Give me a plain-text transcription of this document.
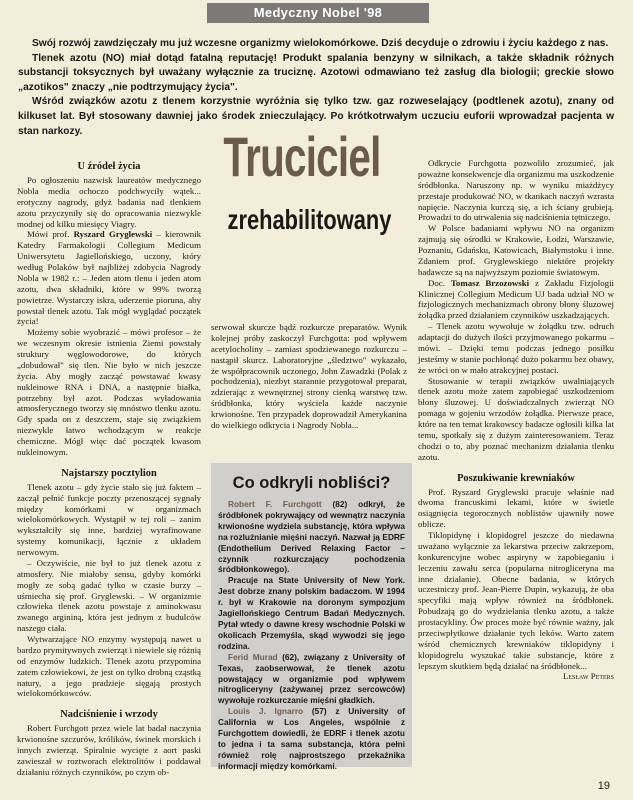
Medyczny Nobel '98

Swój rozwój zawdzięczały mu już wczesne organizmy wielokomórkowe. Dziś decyduje o zdrowiu i życiu każdego z nas.

Tlenek azotu (NO) miał dotąd fatalną reputację! Produkt spalania benzyny w silnikach, a także składnik różnych substancji toksycznych był uważany wyłącznie za truciznę. Azotowi odmawiano też zasług dla biologii; greckie słowo „azotikos" znaczy „nie podtrzymujący życia".

Wśród związków azotu z tlenem korzystnie wyróżnia się tylko tzw. gaz rozweselający (podtlenek azotu), znany od kilkuset lat. Był stosowany dawniej jako środek znieczulający. Po krótkotrwałym uczuciu euforii wprowadzał pacjenta w stan narkozy.	Truciciel
zrehabilitowany
U źródeł życia

Po ogłoszeniu nazwisk laureatów medycznego Nobla media ochoczo podchwyciły wątek... erotyczny nagrody, gdyż badania nad tlenkiem azotu przyczyniły się do opracowania niezwykle modnej od kilku miesięcy Viagry.

Mówi prof. Ryszard Gryglewski – kierownik Katedry Farmakologii Collegium Medicum Uniwersytetu Jagiellońskiego, uczony, który według Polaków był najbliżej zdobycia Nagrody Nobla w 1982 r.: – Jeden atom tlenu i jeden atom azotu, dwa składniki, które w 99% tworzą powietrze. Wystarczy iskra, uderzenie pioruna, aby powstał tlenek azotu. Tak mógł wyglądać początek życia!

Możemy sobie wyobrazić – mówi profesor – że we wczesnym okresie istnienia Ziemi powstały struktury węglowodorowe, do których „dobudował" się tlen. Nie było w nich jeszcze życia. Aby mogły zacząć powstawać kwasy nukleinowe RNA i DNA, a następnie białka, potrzebny był azot. Podczas wyładowania atmosferycznego tworzy się mnóstwo tlenku azotu. Gdy spada on z deszczem, staje się związkiem niezwykle łatwo wchodzącym w reakcje chemiczne. Mógł więc dać początek kwasom nukleinowym.

Najstarszy pocztylion

Tlenek azotu – gdy życie stało się już faktem – zaczął pełnić funkcje poczty przenoszącej sygnały między komórkami w organizmach wielokomórkowych. Wystąpił w tej roli – zanim wykształciły się inne, bardziej wyrafinowane systemy komunikacji, łącznie z układem nerwowym.

– Oczywiście, nie był to już tlenek azotu z atmosfery. Nie miałoby sensu, gdyby komórki mogły ze sobą gadać tylko w czasie burzy – uśmiecha się prof. Gryglewski. – W organizmie człowieka tlenek azotu powstaje z aminokwasu zwanego argininą, która jest jednym z budulców naszego ciała.

Wytwarzające NO enzymy występują nawet u bardzo prymitywnych zwierząt i niewiele się różnią od enzymów ludzkich. Tlenek azotu przypomina zatem człowiekowi, że jest on tylko drobną cząstką natury, a jego pradzieje sięgają prostych wielokomórkowców.

Nadciśnienie i wrzody

Robert Furchgott przez wiele lat badał naczynia krwionośne szczurów, królików, świnek morskich i innych zwierząt. Spiralnie wycięte z aort paski zawieszał w roztworach elektrolitów i poddawał działaniu różnych czynników, po czym ob-

serwował skurcze bądź rozkurcze preparatów. Wynik kolejnej próby zaskoczył Furchgotta: pod wpływem acetylocholiny – zamiast spodziewanego rozkurczu – nastąpił skurcz. Laboratoryjne „śledztwo" wykazało, że współpracownik uczonego, John Zawadzki (Polak z pochodzenia), niezbyt starannie przygotował preparat, zdzierając z wewnętrznej strony cienką warstwę tzw. śródbłonka, który wyściela każde naczynie krwionośne. Ten przypadek doprowadził Amerykanina do wielkiego odkrycia i Nagrody Nobla...

Co odkryli nobliści?

Robert F. Furchgott (82) odkrył, że śródbłonek pokrywający od wewnątrz naczynia krwionośne wydziela substancję, która wpływa na rozluźnianie mięśni naczyń. Nazwał ją EDRF (Endothelium Derived Relaxing Factor – czynnik rozkurczający pochodzenia śródbłonkowego).

Pracuje na State University of New York. Jest dobrze znany polskim badaczom. W 1994 r. był w Krakowie na doronym sympozjum Jagiellońskiego Centrum Badań Medycznych. Pytał wtedy o dawne kresy wschodnie Polski w okolicach Przemyśla, skąd wywodzi się jego rodzina.

Ferid Murad (62), związany z University of Texas, zaobserwował, że tlenek azotu powstający w organizmie pod wpływem nitrogliceryny (zażywanej przez sercowców) wywołuje rozkurczanie mięśni gładkich.

Louis J. Ignarro (57) z University of California w Los Angeles, wspólnie z Furchgottem dowiedli, że EDRF i tlenek azotu to jedna i ta sama substancja, która pełni również rolę najprostszego przekaźnika informacji między komórkami.

Odkrycie Furchgotta pozwoliło zrozumieć, jak poważne konsekwencje dla organizmu ma uszkodzenie śródbłonka. Naruszony np. w wyniku miażdżycy przestaje produkować NO, w tkankach naczyń wzrasta napięcie. Naczynia kurczą się, a ich ściany grubieją. Prowadzi to do utrwalenia się nadciśnienia tętniczego.

W Polsce badaniami wpływu NO na organizm zajmują się ośrodki w Krakowie, Łodzi, Warszawie, Poznaniu, Gdańsku, Katowicach, Białymstoku i inne. Zdaniem prof. Gryglewskiego niektóre projekty badawcze są na najwyższym poziomie światowym.

Doc. Tomasz Brzozowski z Zakładu Fizjologii Klinicznej Collegium Medicum UJ bada udział NO w fizjologicznych mechanizmach obrony błony śluzowej żołądka przed działaniem czynników uszkadzających.

– Tlenek azotu wywołuje w żołądku tzw. odruch adaptacji do dużych ilości przyjmowanego pokarmu – mówi. – Dzięki temu podczas jednego posiłku jesteśmy w stanie pochłonąć dużo pokarmu bez obawy, że wróci on w mało atrakcyjnej postaci.

Stosowanie w terapii związków uwalniających tlenek azotu może zatem zapobiegać uszkodzeniom błony śluzowej. U doświadczalnych zwierząt NO pomaga w gojeniu wrzodów żołądka. Pierwsze prace, które na ten temat krakowscy badacze ogłosili kilka lat temu, spotkały się z dużym zainteresowaniem. Teraz chodzi o to, aby poznać mechanizm działania tlenku azotu.

Poszukiwanie krewniaków

Prof. Ryszard Gryglewski pracuje właśnie nad dwoma francuskimi lekami, które w świetle osiągnięcia tegorocznych noblistów ujawniły nowe oblicze.

Tiklopidynę i klopidogrel jeszcze do niedawna uważano wyłącznie za lekarstwa przeciw zakrzepom, konkurencyjne wobec aspiryny w zapobieganiu i leczeniu zawału serca (popularna nitrogliceryna ma inne działanie). Obecne badania, w których uczestniczy prof. Jean-Pierre Dupin, wykazują, że oba specyfiki mają wpływ również na śródbłonek. Pobudzają go do wydzielania tlenku azotu, a także prostacykliny. Ów proces może być równie ważny, jak przeciwpłytkowe działanie tych leków. Warto zatem wśród chemicznych krewniaków tiklopidyny i klopidogrelu wyszukać takie substancje, które z lepszym skutkiem będą działać na śródbłonek...

Lesław Peters

19
